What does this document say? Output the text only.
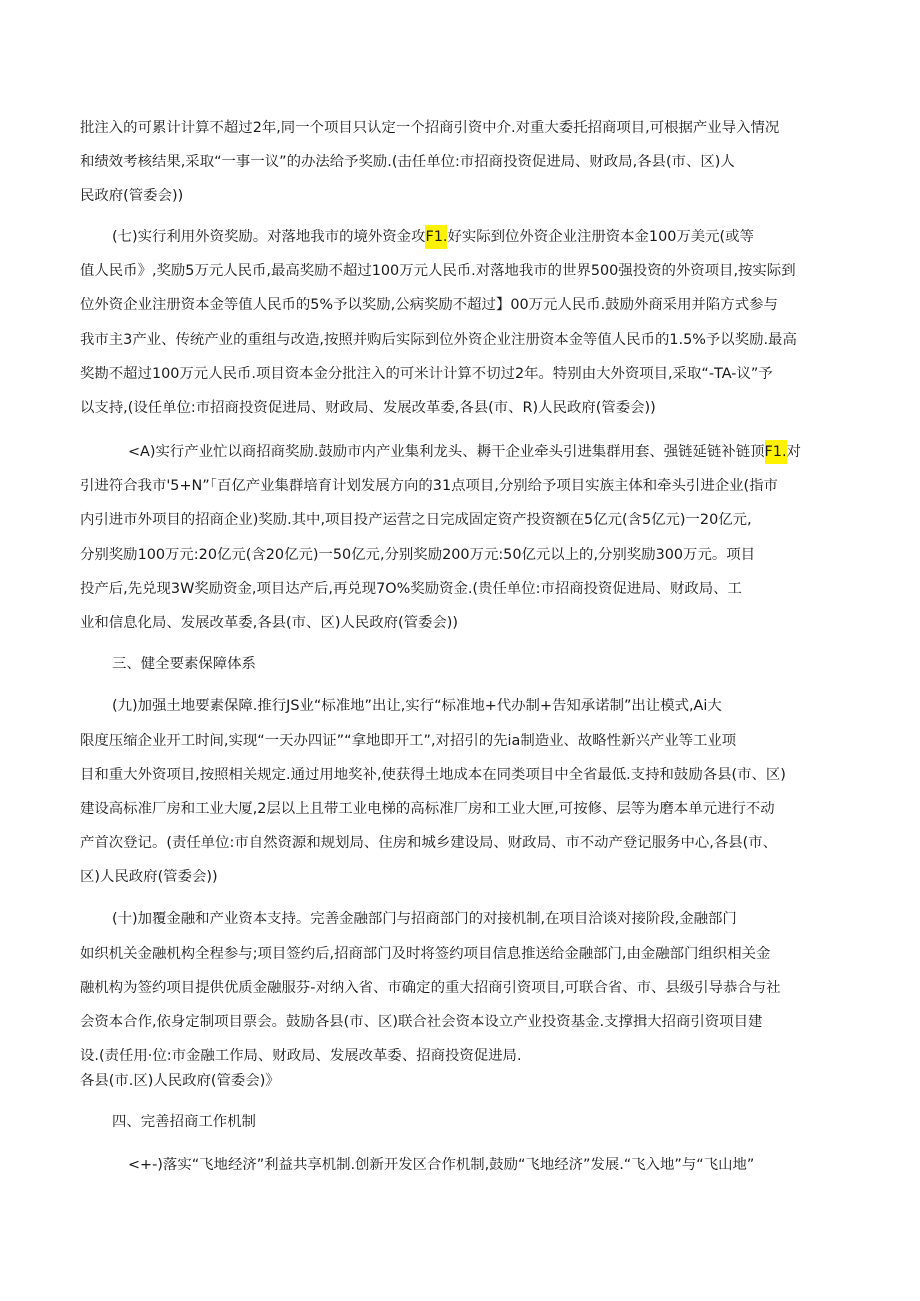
批注入的可累计计算不超过2年,同一个项目只认定一个招商引资中介.对重大委托招商项目,可根据产业导入情况
和绩效考核结果,采取“一事一议”的办法给予奖励.(击任单位:市招商投资促进局、财政局,各县(市、区)人
民政府(管委会))
(七)实行利用外资奖励。对落地我市的境外资金攻F1.好实际到位外资企业注册资本金100万美元(或等
值人民币》,奖励5万元人民币,最高奖励不超过100万元人民币.对落地我市的世界500强投资的外资项目,按实际到
位外资企业注册资本金等值人民币的5%予以奖励,公病奖励不超过】00万元人民币.鼓励外商采用并陷方式参与
我市主3产业、传统产业的重组与改造,按照并购后实际到位外资企业注册资本金等值人民币的1.5%予以奖励.最高
奖勘不超过100万元人民币.项目资本金分批注入的可米计计算不切过2年。特别由大外资项目,采取“-TA-议”予
以支持,(设任单位:市招商投资促进局、财政局、发展改革委,各县(市、R)人民政府(管委会))
<A)实行产业忙以商招商奖励.鼓励市内产业集利龙头、耨干企业牵头引进集群用套、强链延链补链顶F1.对
引进符合我市'5+N”「百亿产业集群培育计划发展方向的31点项目,分别给予项目实族主体和牵头引进企业(指市
内引进市外项目的招商企业)奖励.其中,项目投产运营之日完成固定资产投资额在5亿元(含5亿元)一20亿元,
分别奖励100万元:20亿元(含20亿元)一50亿元,分别奖励200万元:50亿元以上的,分别奖励300万元。项目
投产后,先兑现3W奖励资金,项目达产后,再兑现7O%奖励资金.(贵任单位:市招商投资促进局、财政局、工
业和信息化局、发展改革委,各县(市、区)人民政府(管委会))
三、健全要素保障体系
(九)加强土地要素保障.推行JS业“标准地”出让,实行“标准地+代办制+告知承诺制”出让模式,Ai大
限度压缩企业开工时间,实现“一天办四证”“拿地即开工”,对招引的先ia制造业、故略性新兴产业等工业项
目和重大外资项目,按照相关规定.通过用地奖补,使获得土地成本在同类项目中全省最低.支持和鼓励各县(市、区)
建设高标准厂房和工业大厦,2层以上且带工业电梯的高标准厂房和工业大匣,可按修、层等为磨本单元进行不动
产首次登记。(责任单位:市自然资源和规划局、住房和城乡建设局、财政局、市不动产登记服务中心,各县(市、
区)人民政府(管委会))
(十)加覆金融和产业资本支持。完善金融部门与招商部门的对接机制,在项目洽谈对接阶段,金融部门
如织机关金融机构全程参与;项目签约后,招商部门及时将签约项目信息推送给金融部门,由金融部门组织相关金
融机构为签约项目提供优质金融服芬-对纳入省、市确定的重大招商引资项目,可联合省、市、县级引导恭合与社
会资本合作,依身定制项目票会。鼓励各县(市、区)联合社会资本设立产业投资基金.支撑揖大招商引资项目建
设.(责任用·位:市金融工作局、财政局、发展改革委、招商投资促进局.
各县(市.区)人民政府(管委会)》
四、完善招商工作机制
<+-)落实“飞地经济”利益共享机制.创新开发区合作机制,鼓励“飞地经济”发展.“飞入地”与“飞山地”
